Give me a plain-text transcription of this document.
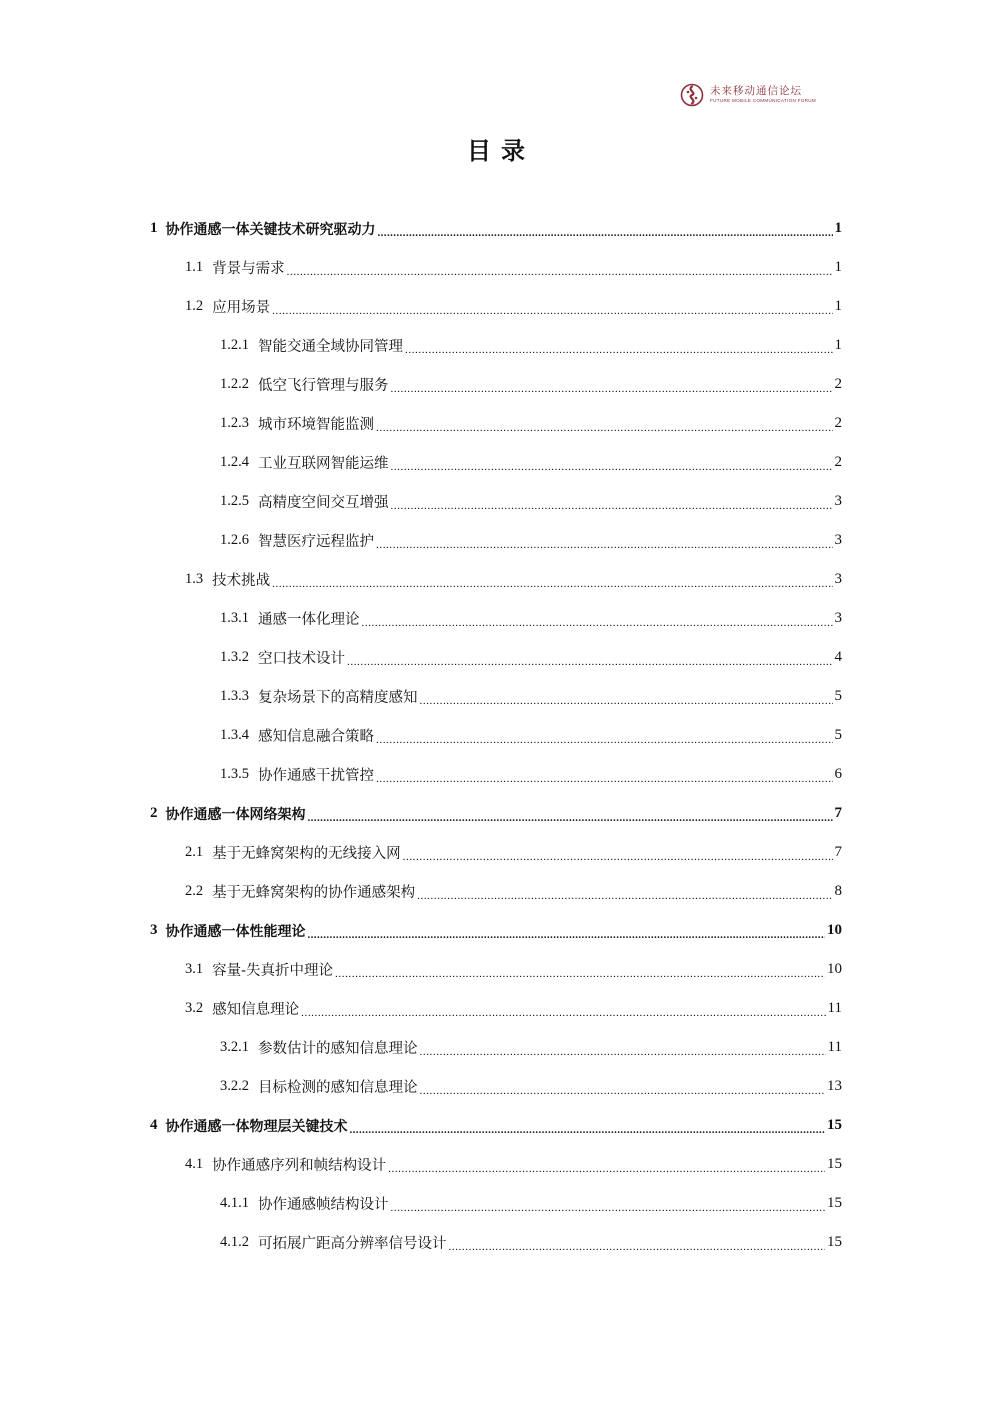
未来移动通信论坛
FUTURE MOBILE COMMUNICATION FORUM
目录
1 协作通感一体关键技术研究驱动力 .....	1
1.1 背景与需求 .....	1
1.2 应用场景 .....	1
1.2.1 智能交通全域协同管理 .....	1
1.2.2 低空飞行管理与服务 .....	2
1.2.3 城市环境智能监测 .....	2
1.2.4 工业互联网智能运维 .....	2
1.2.5 高精度空间交互增强 .....	3
1.2.6 智慧医疗远程监护 .....	3
1.3 技术挑战 .....	3
1.3.1 通感一体化理论 .....	3
1.3.2 空口技术设计 .....	4
1.3.3 复杂场景下的高精度感知 .....	5
1.3.4 感知信息融合策略 .....	5
1.3.5 协作通感干扰管控 .....	6
2 协作通感一体网络架构 .....	7
2.1 基于无蜂窝架构的无线接入网 .....	7
2.2 基于无蜂窝架构的协作通感架构 .....	8
3 协作通感一体性能理论 .....	10
3.1 容量-失真折中理论 .....	10
3.2 感知信息理论 .....	11
3.2.1 参数估计的感知信息理论 .....	11
3.2.2 目标检测的感知信息理论 .....	13
4 协作通感一体物理层关键技术 .....	15
4.1 协作通感序列和帧结构设计 .....	15
4.1.1 协作通感帧结构设计 .....	15
4.1.2 可拓展广距高分辨率信号设计 .....	15
